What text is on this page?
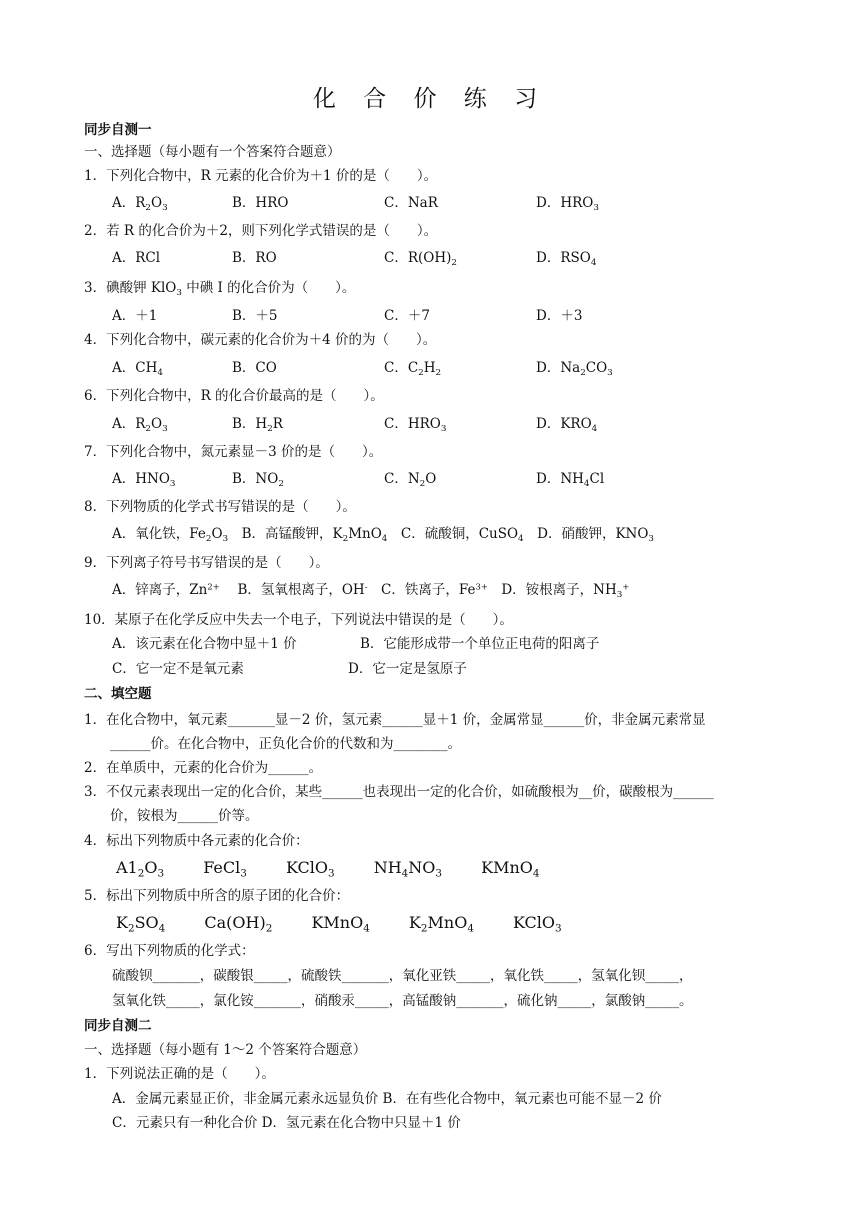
化 合 价 练 习
同步自测一
一、选择题（每小题有一个答案符合题意）
1．下列化合物中，R 元素的化合价为＋1 价的是（　　）。
A．$R_2O_3$	B．HRO	C．NaR	D．$HRO_3$
2．若 R 的化合价为＋2，则下列化学式错误的是（　　）。
A．RCl	B．RO	C．$R(OH)_2$	D．$RSO_4$
3．碘酸钾 KlO$_3$ 中碘 I 的化合价为（　　）。
A．＋1	B．＋5	C．＋7	D．＋3
4．下列化合物中，碳元素的化合价为＋4 价的为（　　）。
A．$CH_4$	B．CO	C．$C_2H_2$	D．$Na_2CO_3$
6．下列化合物中，R 的化合价最高的是（　　）。
A．$R_2O_3$	B．$H_2R$	C．$HRO_3$	D．$KRO_4$
7．下列化合物中，氮元素显－3 价的是（　　）。
A．$HNO_3$	B．$NO_2$	C．$N_2O$	D．$NH_4Cl$
8．下列物质的化学式书写错误的是（　　）。
A．氧化铁，$Fe_2O_3$　B．高锰酸钾，$K_2MnO_4$　C．硫酸铜，CuSO$_4$　D．硝酸钾，$KNO_3$
9．下列离子符号书写错误的是（　　）。
A．锌离子，$Zn^{2+}$　 B．氢氧根离子，OH-　C．铁离子，$Fe^{3+}$　D．铵根离子，$NH_3^+$
10．某原子在化学反应中失去一个电子，下列说法中错误的是（　　）。
A．该元素在化合物中显＋1 价	B．它能形成带一个单位正电荷的阳离子
C．它一定不是氧元素	D．它一定是氢原子
二、填空题
1．在化合物中，氧元素_______显－2 价，氢元素______显＋1 价，金属常显______价，非金属元素常显
______价。在化合物中，正负化合价的代数和为________。
2．在单质中，元素的化合价为______。
3．不仅元素表现出一定的化合价，某些______也表现出一定的化合价，如硫酸根为__价，碳酸根为______
价，铵根为______价等。
4．标出下列物质中各元素的化合价：
$A1_2O_3$ FeCl$_3$ KClO$_3$ $NH_4NO_3$ KMnO$_4$
5．标出下列物质中所含的原子团的化合价：
$K_2SO_4$ $Ca(OH)_2$ KMnO$_4$ $K_2MnO_4$ KClO$_3$
6．写出下列物质的化学式：
硫酸钡_______，碳酸银_____，硫酸铁_______，氧化亚铁_____，氧化铁_____，氢氧化钡_____，
氢氧化铁_____，氯化铵_______，硝酸汞_____，高锰酸钠_______，硫化钠_____，氯酸钠_____。
同步自测二
一、选择题（每小题有 1～2 个答案符合题意）
1．下列说法正确的是（　　）。
A．金属元素显正价，非金属元素永远显负价 B．在有些化合物中，氧元素也可能不显－2 价
C．元素只有一种化合价 D．氢元素在化合物中只显＋1 价
